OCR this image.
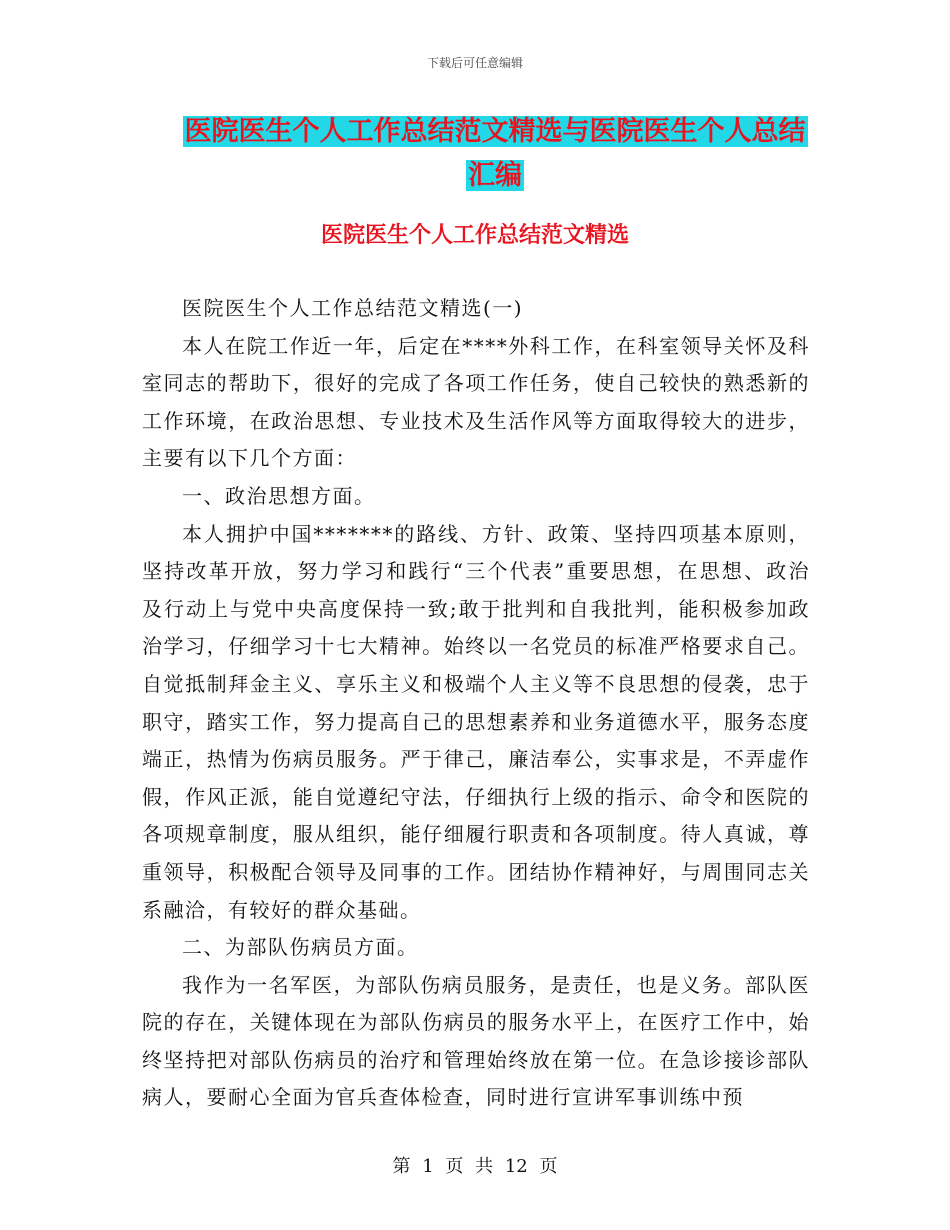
下载后可任意编辑
医院医生个人工作总结范文精选与医院医生个人总结
汇编
医院医生个人工作总结范文精选

医院医生个人工作总结范文精选(一)

本人在院工作近一年，后定在****外科工作，在科室领导关怀及科室同志的帮助下，很好的完成了各项工作任务，使自己较快的熟悉新的工作环境，在政治思想、专业技术及生活作风等方面取得较大的进步，主要有以下几个方面：

一、政治思想方面。

本人拥护中国*******的路线、方针、政策、坚持四项基本原则，坚持改革开放，努力学习和践行“三个代表”重要思想，在思想、政治及行动上与党中央高度保持一致;敢于批判和自我批判，能积极参加政治学习，仔细学习十七大精神。始终以一名党员的标准严格要求自己。自觉抵制拜金主义、享乐主义和极端个人主义等不良思想的侵袭，忠于职守，踏实工作，努力提高自己的思想素养和业务道德水平，服务态度端正，热情为伤病员服务。严于律己，廉洁奉公，实事求是，不弄虚作假，作风正派，能自觉遵纪守法，仔细执行上级的指示、命令和医院的各项规章制度，服从组织，能仔细履行职责和各项制度。待人真诚，尊重领导，积极配合领导及同事的工作。团结协作精神好，与周围同志关系融洽，有较好的群众基础。

二、为部队伤病员方面。

我作为一名军医，为部队伤病员服务，是责任，也是义务。部队医院的存在，关键体现在为部队伤病员的服务水平上，在医疗工作中，始终坚持把对部队伤病员的治疗和管理始终放在第一位。在急诊接诊部队病人，要耐心全面为官兵查体检查，同时进行宣讲军事训练中预

第 1 页 共 12 页
